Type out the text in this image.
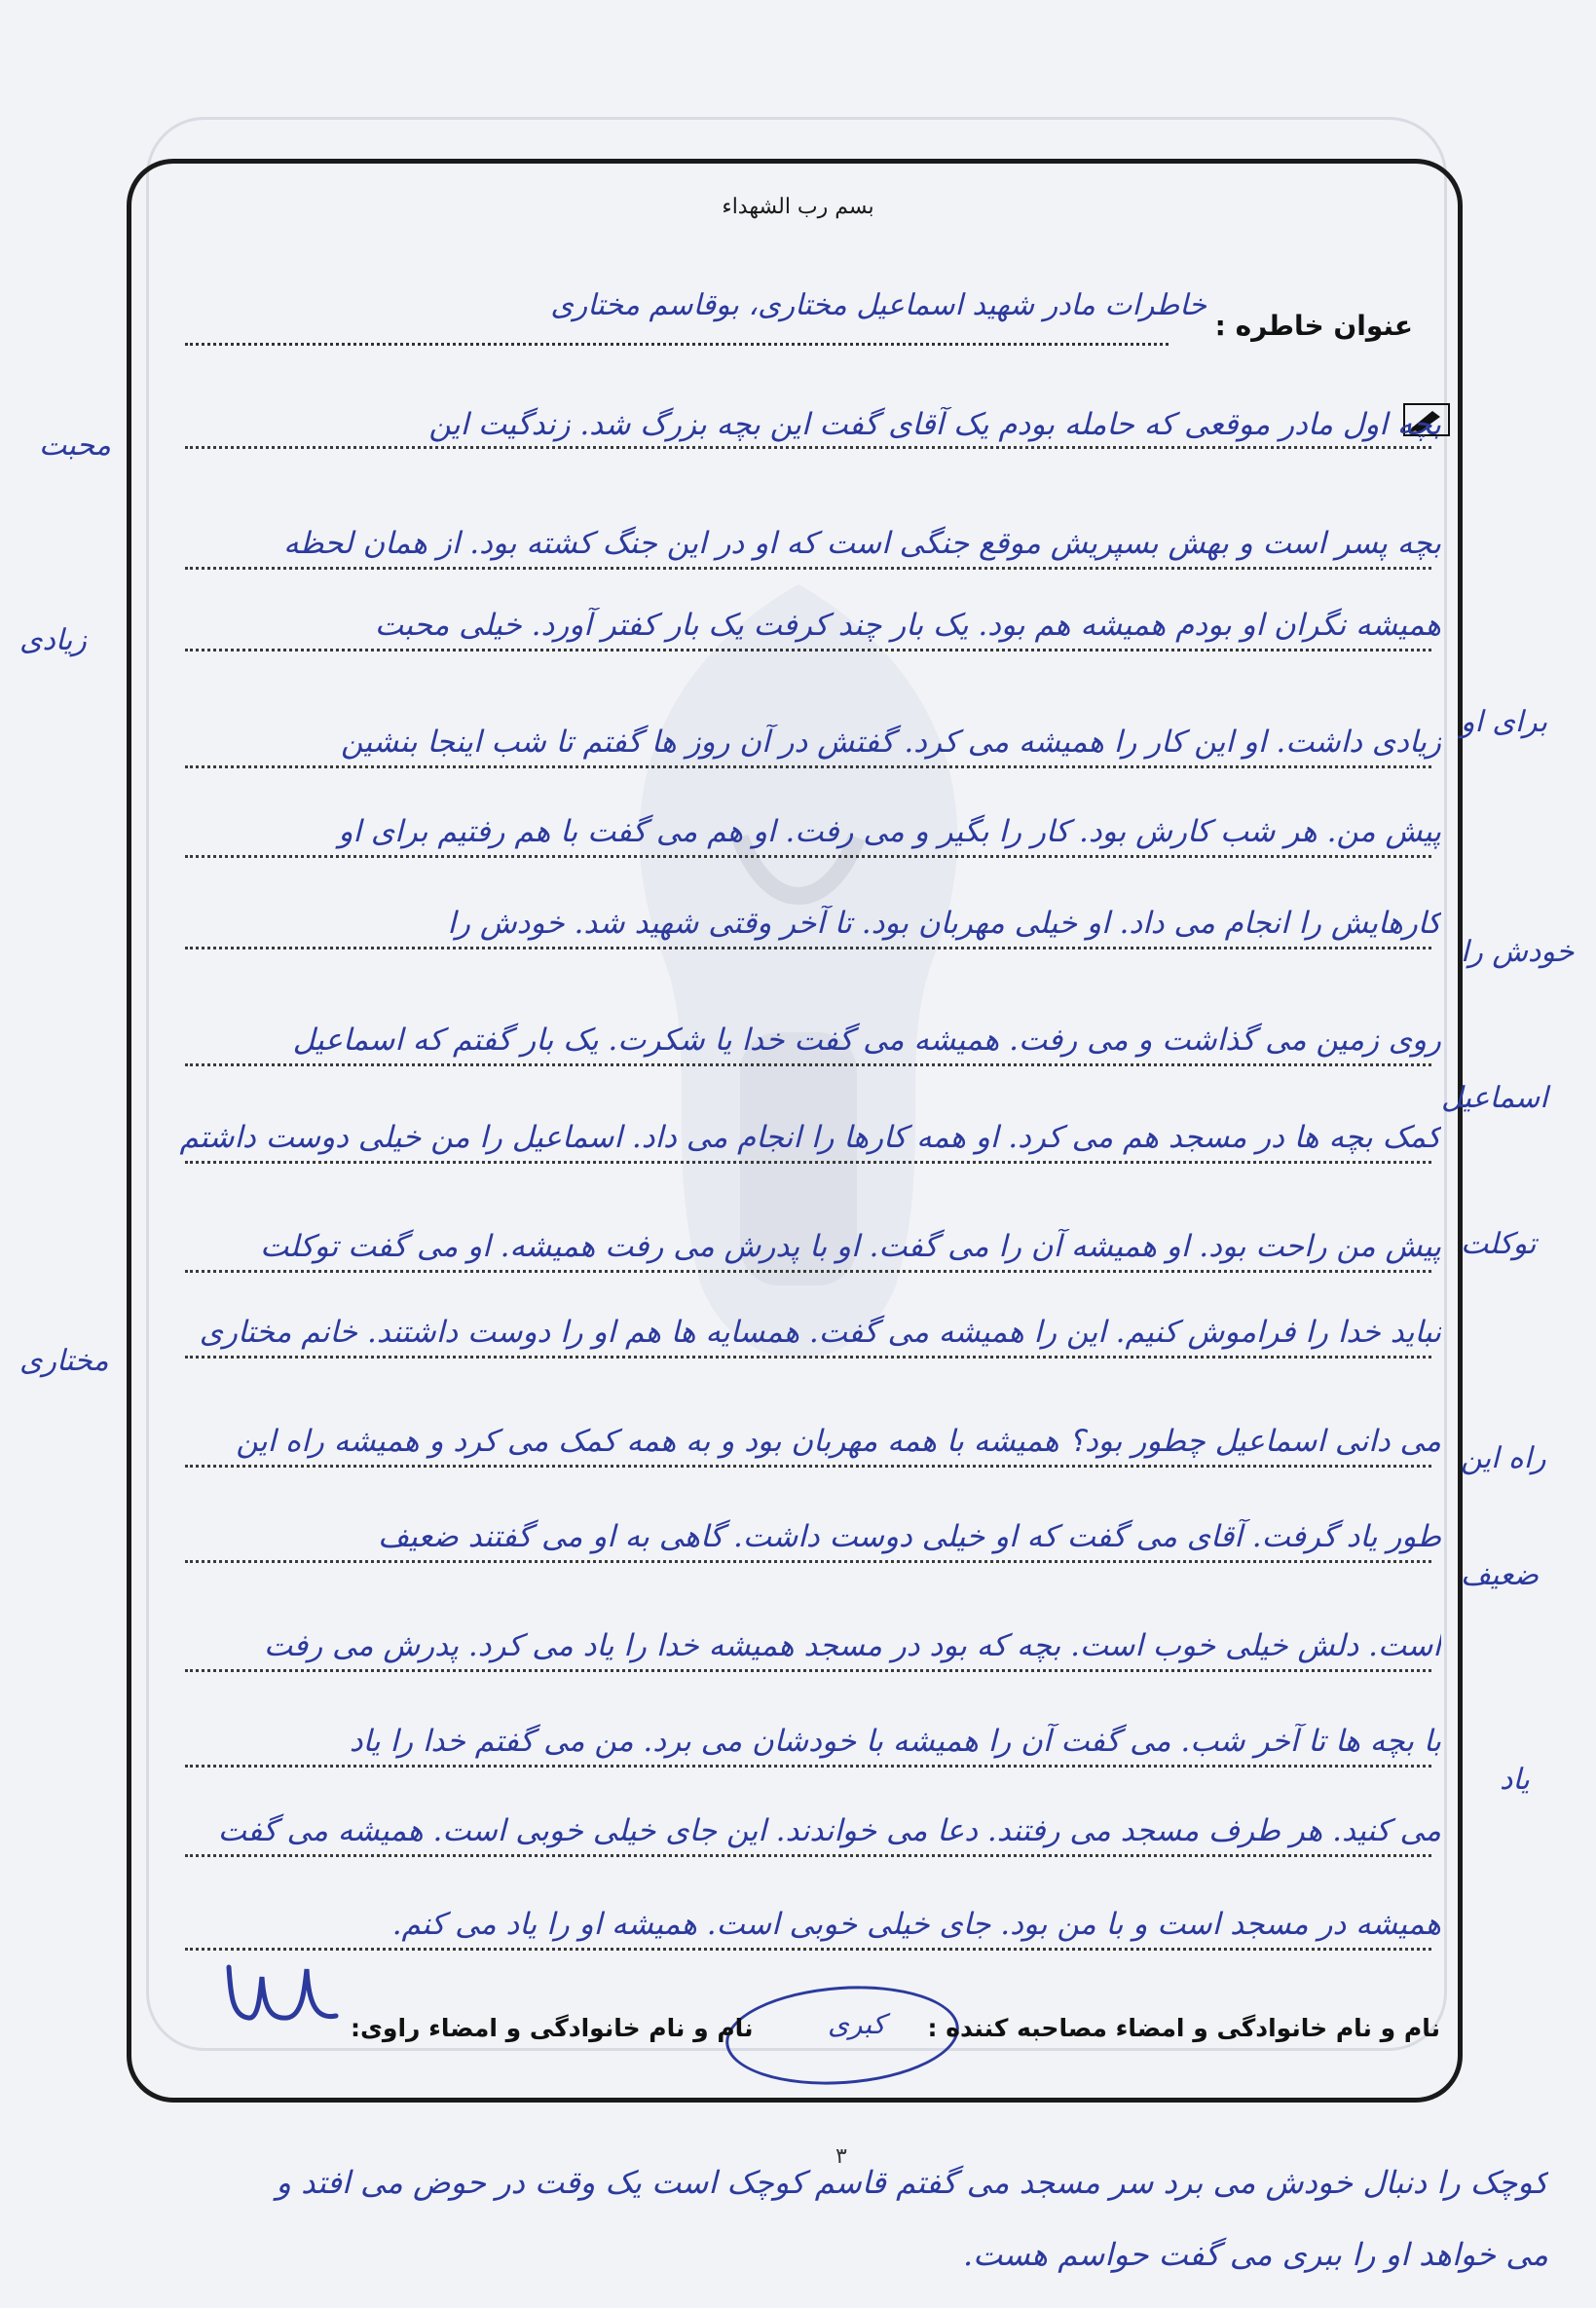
بسم رب الشهداء
عنوان خاطره :
خاطرات مادر شهید اسماعیل مختاری، بوقاسم مختاری
بچه اول مادر موقعی که حامله بودم یک آقای گفت این بچه بزرگ شد. زندگیت این
بچه پسر است و بهش بسپریش موقع جنگی است که او در این جنگ کشته بود. از همان لحظه
همیشه نگران او بودم همیشه هم بود. یک بار چند کرفت یک بار کفتر آورد. خیلی محبت
زیادی داشت. او این کار را همیشه می کرد. گفتش در آن روز ها گفتم تا شب اینجا بنشین
پیش من. هر شب کارش بود. کار را بگیر و می رفت. او هم می گفت با هم رفتیم برای او
کارهایش را انجام می داد. او خیلی مهربان بود. تا آخر وقتی شهید شد. خودش را
روی زمین می گذاشت و می رفت. همیشه می گفت خدا یا شکرت. یک بار گفتم که اسماعیل
کمک بچه ها در مسجد هم می کرد. او همه کارها را انجام می داد. اسماعیل را من خیلی دوست داشتم
پیش من راحت بود. او همیشه آن را می گفت. او با پدرش می رفت همیشه. او می گفت توکلت
نباید خدا را فراموش کنیم. این را همیشه می گفت. همسایه ها هم او را دوست داشتند. خانم مختاری
می دانی اسماعیل چطور بود؟ همیشه با همه مهربان بود و به همه کمک می کرد و همیشه راه این
طور یاد گرفت. آقای می گفت که او خیلی دوست داشت. گاهی به او می گفتند ضعیف
است. دلش خیلی خوب است. بچه که بود در مسجد همیشه خدا را یاد می کرد. پدرش می رفت
با بچه ها تا آخر شب. می گفت آن را همیشه با خودشان می برد. من می گفتم خدا را یاد
می کنید. هر طرف مسجد می رفتند. دعا می خواندند. این جای خیلی خوبی است. همیشه می گفت
همیشه در مسجد است و با من بود. جای خیلی خوبی است. همیشه او را یاد می کنم.
محبت
زیادی
برای او
خودش را
اسماعیل
توکلت
مختاری
راه این
ضعیف
یاد
کبری نام و نام خانوادگی و امضاء مصاحبه کننده :
نام و نام خانوادگی و امضاء راوی:
۳
کوچک را دنبال خودش می برد سر مسجد می گفتم قاسم کوچک است یک وقت در حوض می افتد و
می خواهد او را ببری می گفت حواسم هست.
